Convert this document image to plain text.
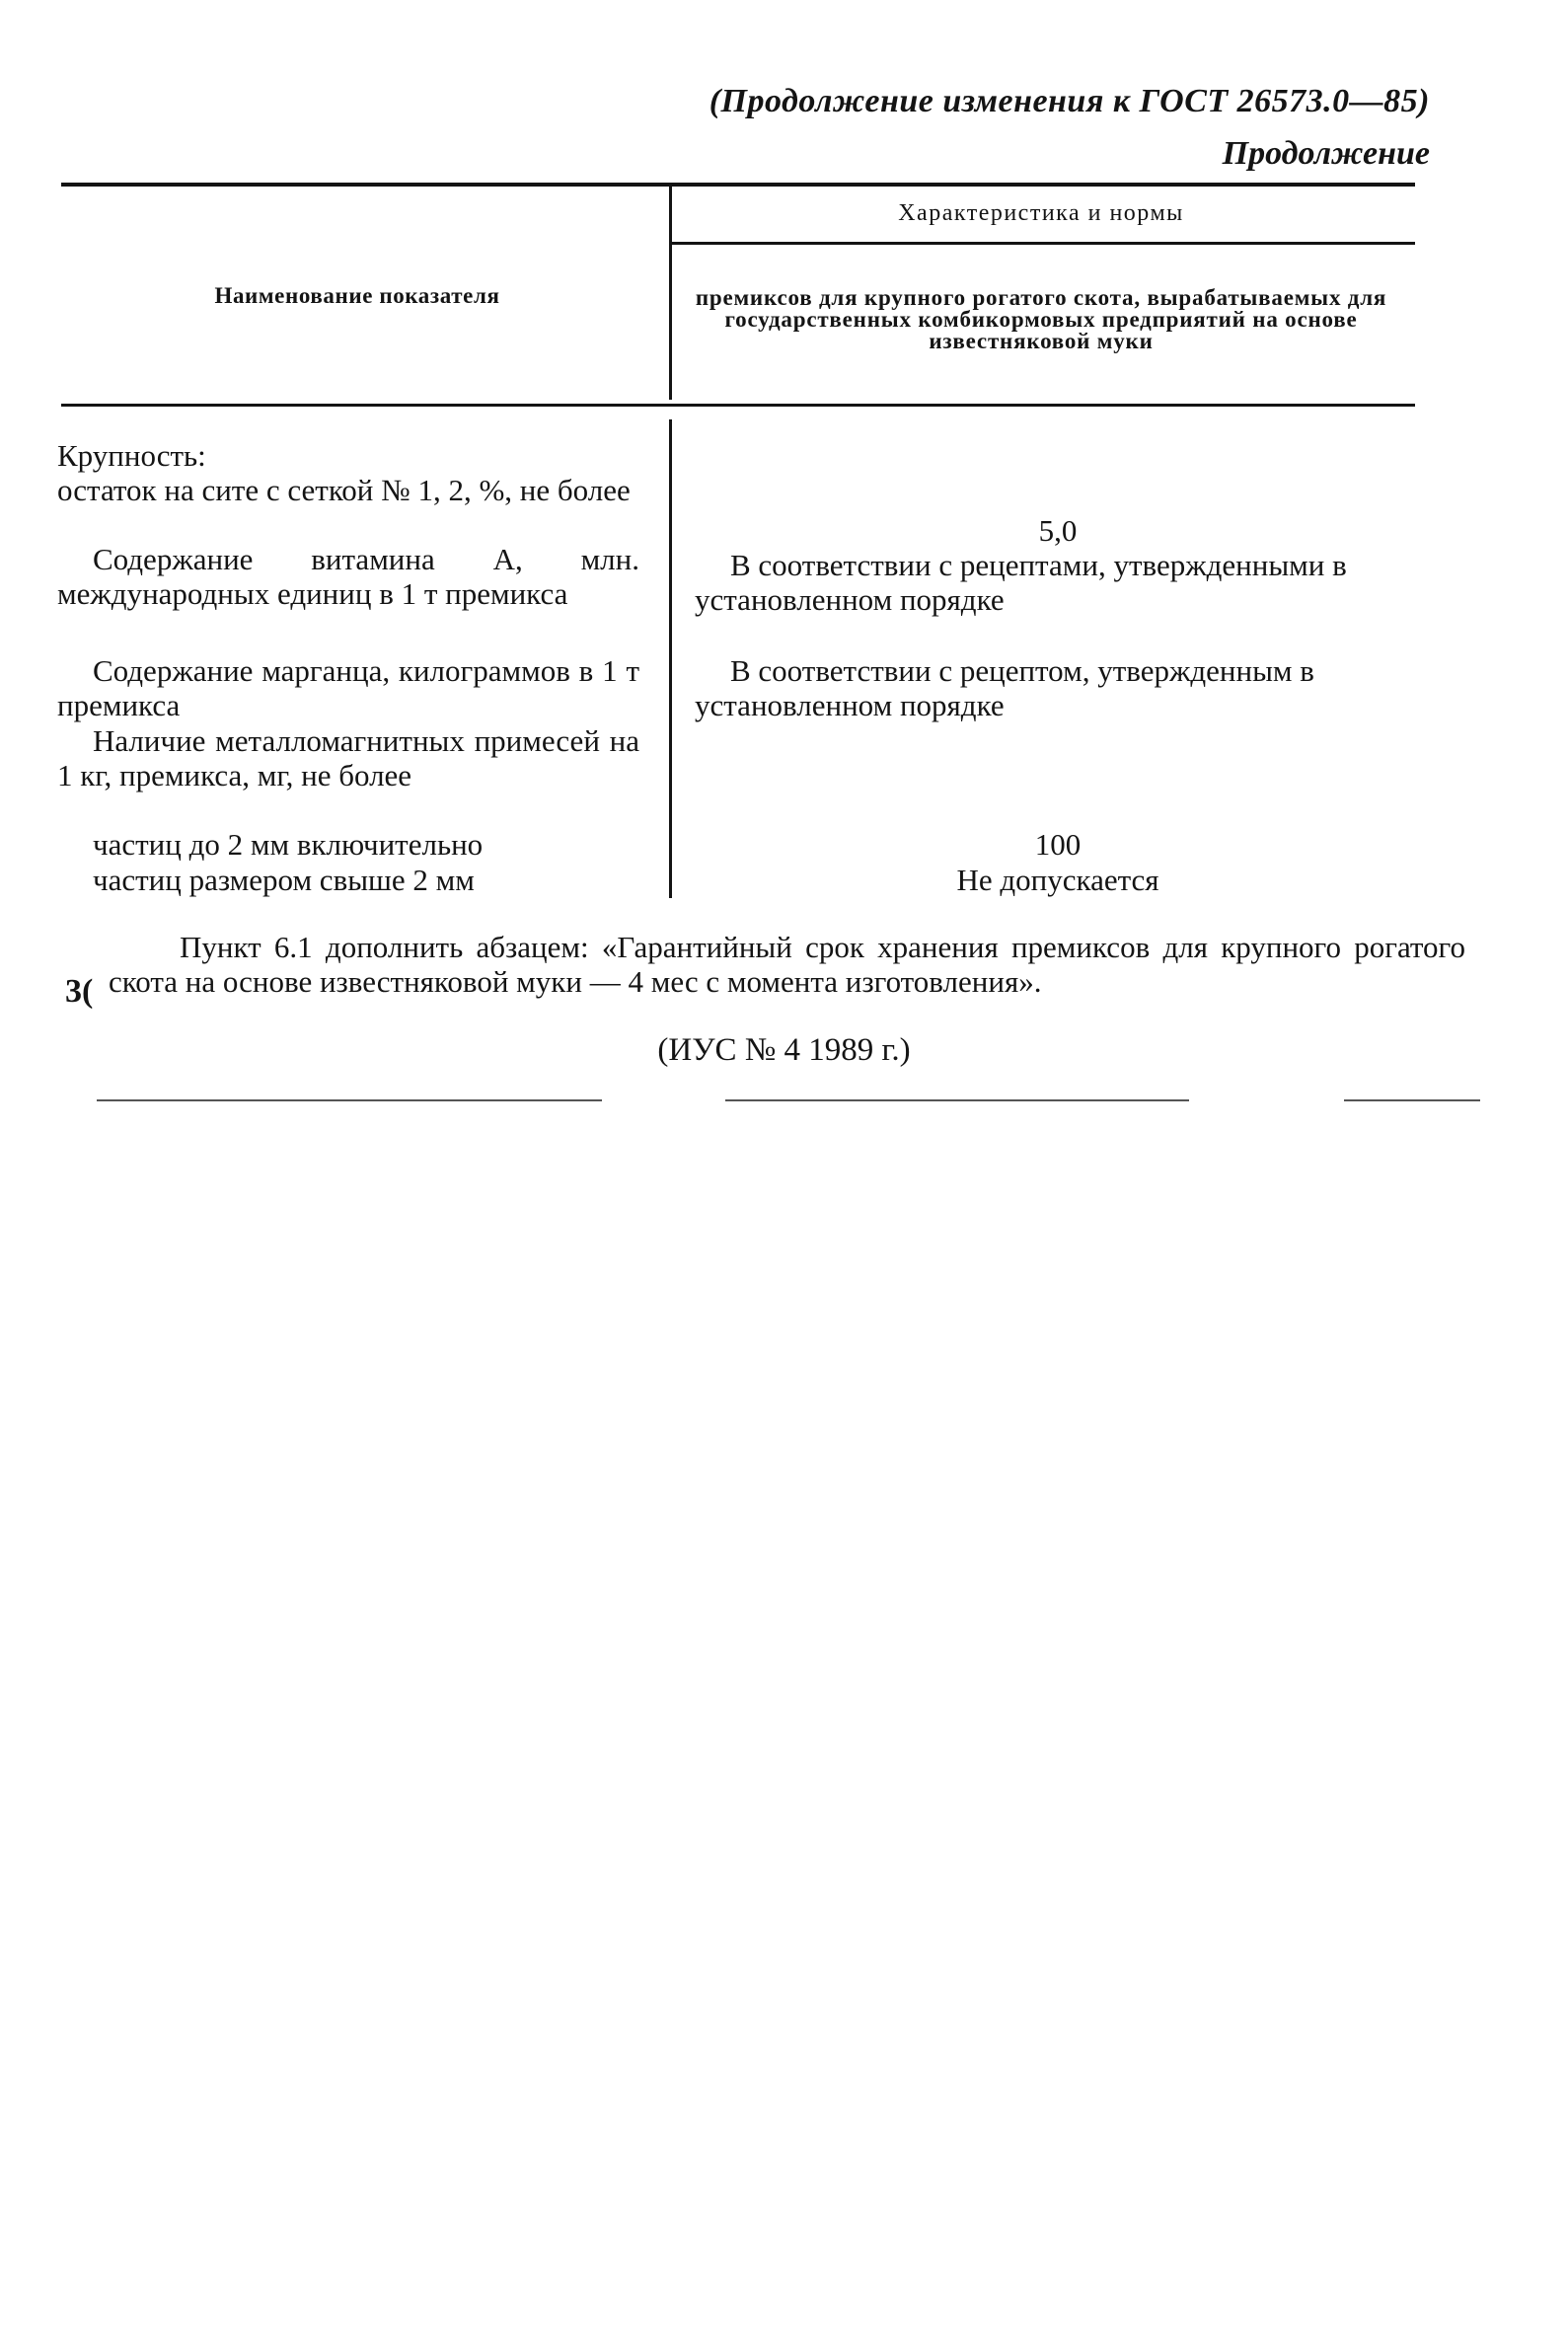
(Продолжение изменения к ГОСТ 26573.0—85)
Продолжение
Характеристика и нормы
Наименование показателя	премиксов для крупного рогатого скота, вырабатываемых для государственных комбикормовых предприятий на основе известняковой муки
Крупность:
остаток на сите с сеткой № 1, 2, %, не более
Содержание витамина А, млн. международных единиц в 1 т премикса
Содержание марганца, килограммов в 1 т премикса
Наличие металломагнитных примесей на 1 кг, премикса, мг, не более
частиц до 2 мм включительно
частиц размером свыше 2 мм
5,0
В соответствии с рецептами, утвержденными в установленном порядке
В соответствии с рецептом, утвержденным в установленном порядке
100
Не допускается
Пункт 6.1 дополнить абзацем: «Гарантийный срок хранения премиксов для крупного рогатого скота на основе известняковой муки — 4 мес с момента изготовления».
3(
(ИУС № 4 1989 г.)
